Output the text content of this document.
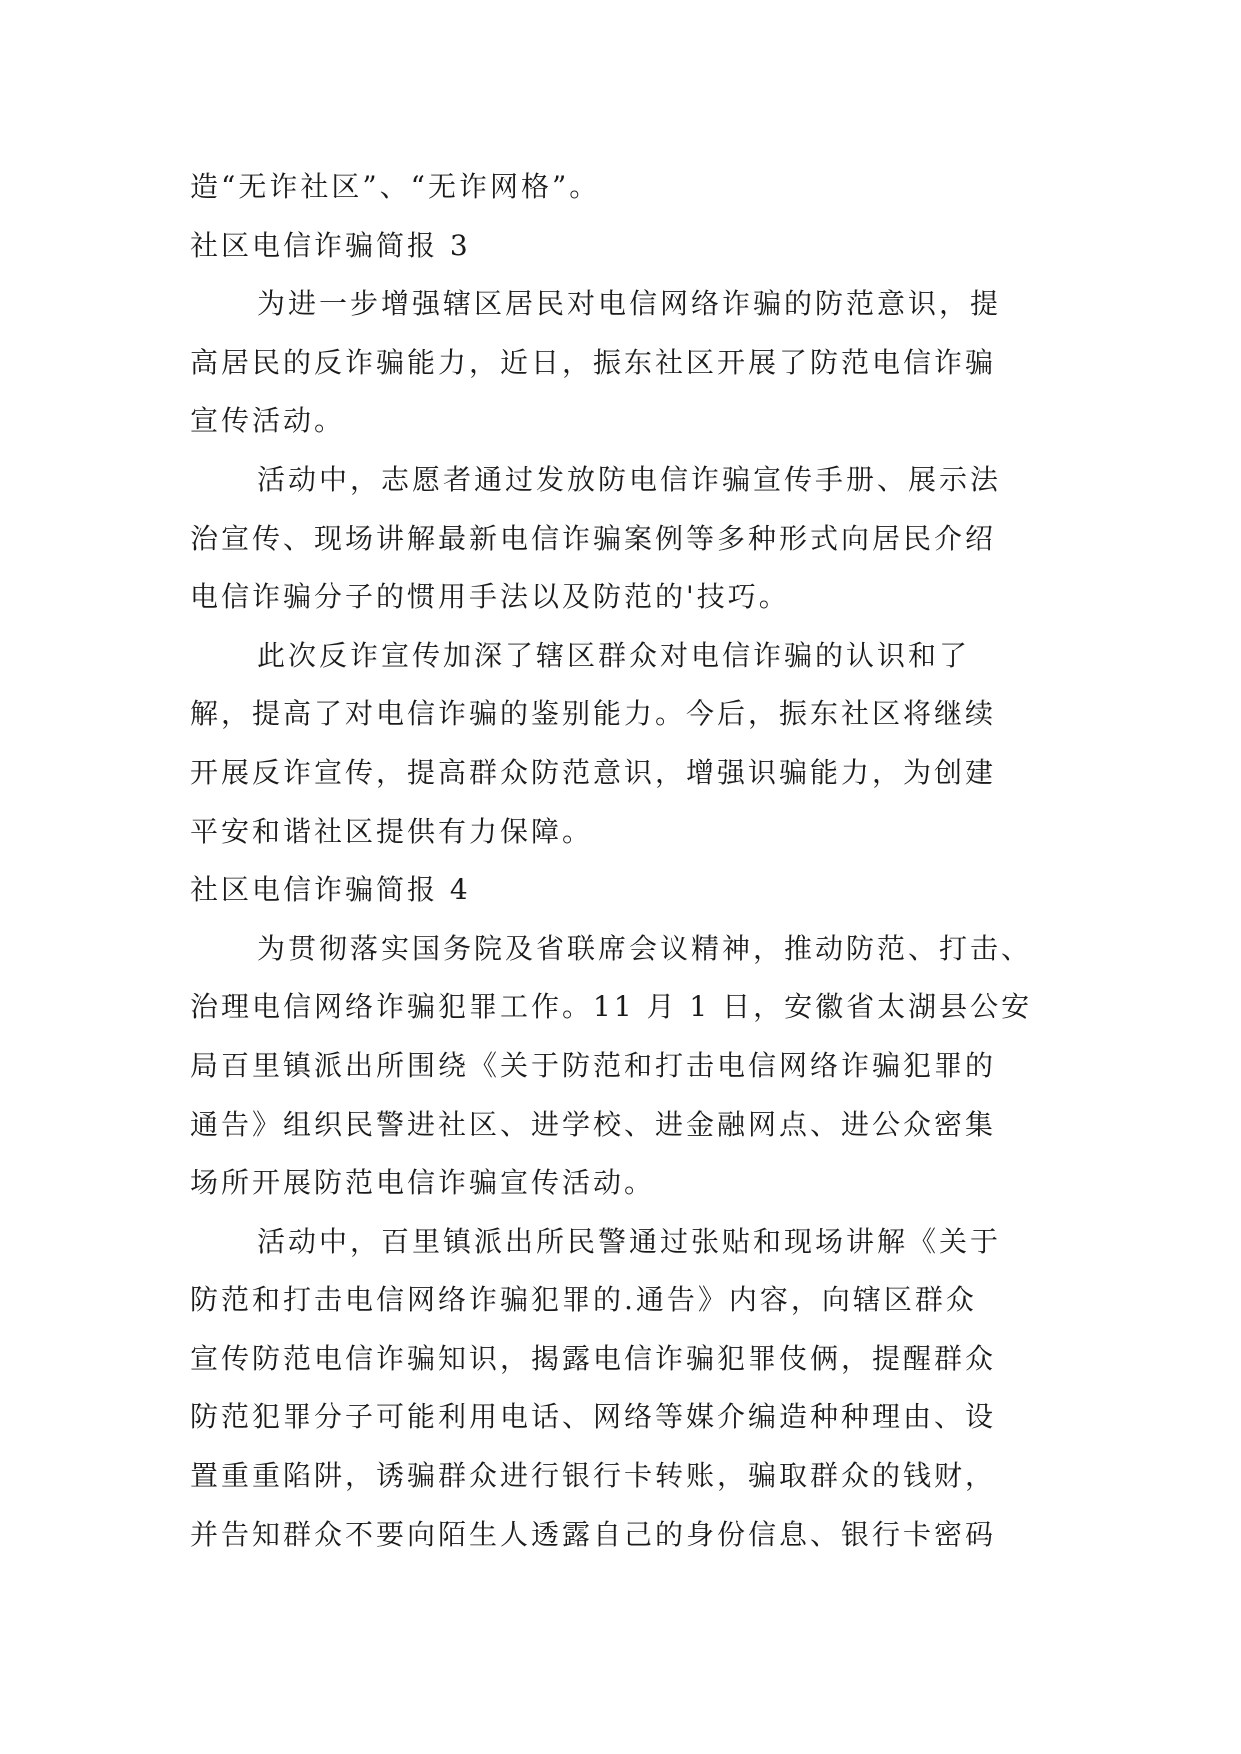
造“无诈社区”、“无诈网格”。
社区电信诈骗简报 3
为进一步增强辖区居民对电信网络诈骗的防范意识，提
高居民的反诈骗能力，近日，振东社区开展了防范电信诈骗
宣传活动。
活动中，志愿者通过发放防电信诈骗宣传手册、展示法
治宣传、现场讲解最新电信诈骗案例等多种形式向居民介绍
电信诈骗分子的惯用手法以及防范的'技巧。
此次反诈宣传加深了辖区群众对电信诈骗的认识和了
解，提高了对电信诈骗的鉴别能力。今后，振东社区将继续
开展反诈宣传，提高群众防范意识，增强识骗能力，为创建
平安和谐社区提供有力保障。
社区电信诈骗简报 4
为贯彻落实国务院及省联席会议精神，推动防范、打击、
治理电信网络诈骗犯罪工作。11 月 1 日，安徽省太湖县公安
局百里镇派出所围绕《关于防范和打击电信网络诈骗犯罪的
通告》组织民警进社区、进学校、进金融网点、进公众密集
场所开展防范电信诈骗宣传活动。
活动中，百里镇派出所民警通过张贴和现场讲解《关于
防范和打击电信网络诈骗犯罪的.通告》内容，向辖区群众
宣传防范电信诈骗知识，揭露电信诈骗犯罪伎俩，提醒群众
防范犯罪分子可能利用电话、网络等媒介编造种种理由、设
置重重陷阱，诱骗群众进行银行卡转账，骗取群众的钱财，
并告知群众不要向陌生人透露自己的身份信息、银行卡密码
